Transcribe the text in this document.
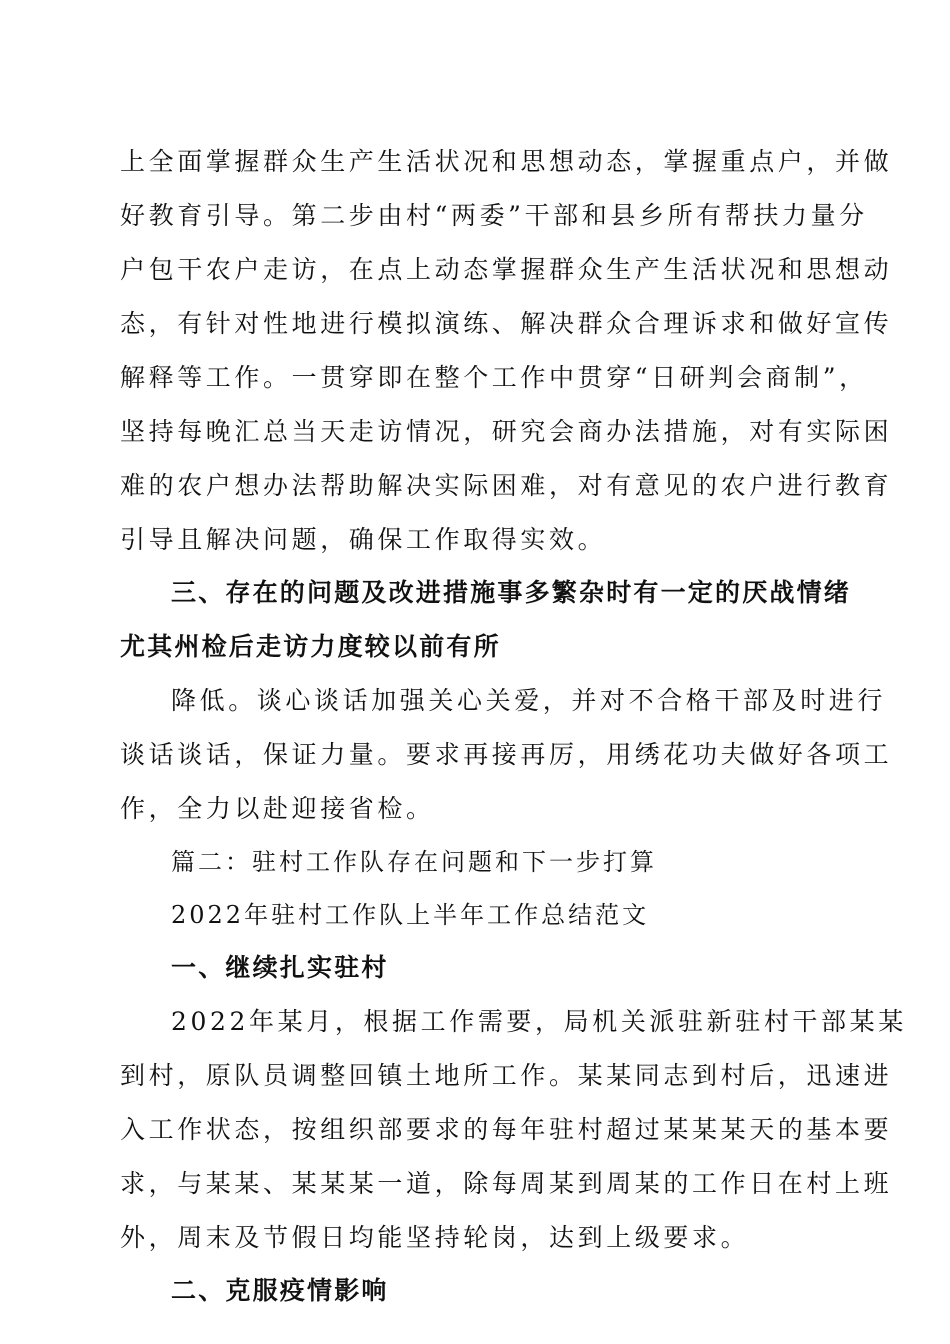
上全面掌握群众生产生活状况和思想动态，掌握重点户，并做
好教育引导。第二步由村“两委”干部和县乡所有帮扶力量分
户包干农户走访，在点上动态掌握群众生产生活状况和思想动
态，有针对性地进行模拟演练、解决群众合理诉求和做好宣传
解释等工作。一贯穿即在整个工作中贯穿“日研判会商制”，
坚持每晚汇总当天走访情况，研究会商办法措施，对有实际困
难的农户想办法帮助解决实际困难，对有意见的农户进行教育
引导且解决问题，确保工作取得实效。
三、存在的问题及改进措施事多繁杂时有一定的厌战情绪
尤其州检后走访力度较以前有所
降低。谈心谈话加强关心关爱，并对不合格干部及时进行
谈话谈话，保证力量。要求再接再厉，用绣花功夫做好各项工
作，全力以赴迎接省检。
篇二：驻村工作队存在问题和下一步打算
2022年驻村工作队上半年工作总结范文
一、继续扎实驻村
2022年某月，根据工作需要，局机关派驻新驻村干部某某
到村，原队员调整回镇土地所工作。某某同志到村后，迅速进
入工作状态，按组织部要求的每年驻村超过某某某天的基本要
求，与某某、某某某一道，除每周某到周某的工作日在村上班
外，周末及节假日均能坚持轮岗，达到上级要求。
二、克服疫情影响
